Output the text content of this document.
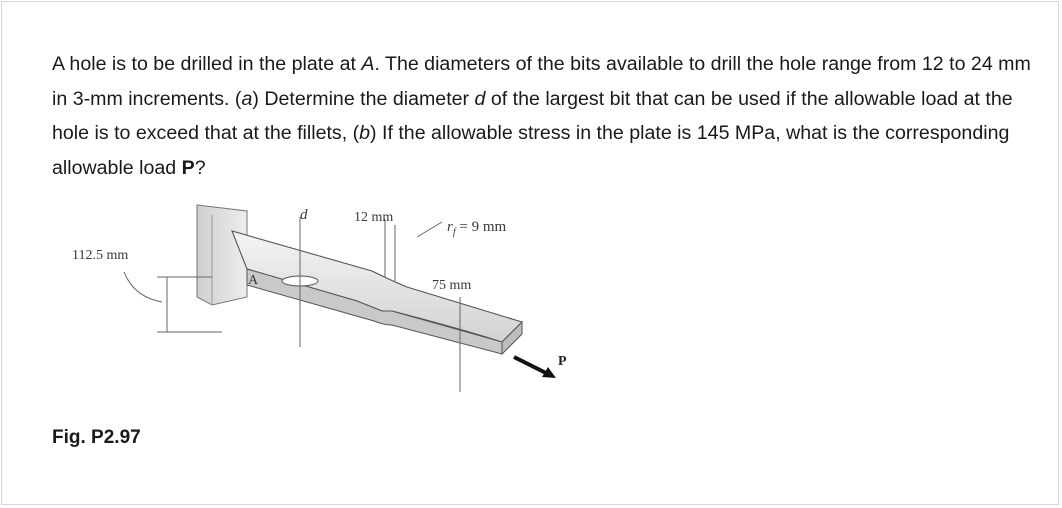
A hole is to be drilled in the plate at A. The diameters of the bits available to drill the hole range from 12 to 24 mm in 3-mm increments. (a) Determine the diameter d of the largest bit that can be used if the allowable load at the hole is to exceed that at the fillets, (b) If the allowable stress in the plate is 145 MPa, what is the corresponding allowable load P?

112.5 mm
d	12 mm
$r_f = 9$ mm
75 mm
A
P

Fig. P2.97
